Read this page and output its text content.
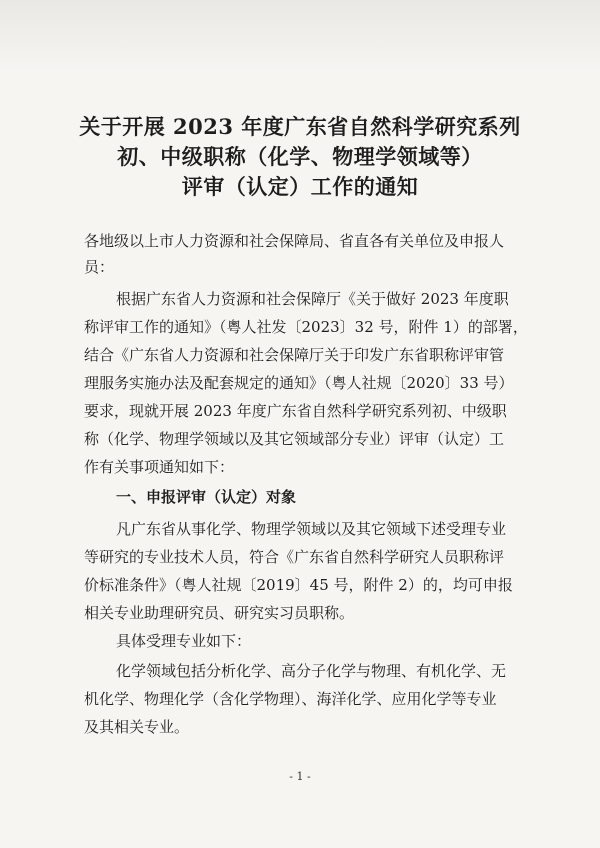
关于开展 2023 年度广东省自然科学研究系列
初、中级职称（化学、物理学领域等）
评审（认定）工作的通知
各地级以上市人力资源和社会保障局、省直各有关单位及申报人
员：
根据广东省人力资源和社会保障厅《关于做好 2023 年度职
称评审工作的通知》（粤人社发〔2023〕32 号，附件 1）的部署，
结合《广东省人力资源和社会保障厅关于印发广东省职称评审管
理服务实施办法及配套规定的通知》（粤人社规〔2020〕33 号）
要求，现就开展 2023 年度广东省自然科学研究系列初、中级职
称（化学、物理学领域以及其它领域部分专业）评审（认定）工
作有关事项通知如下：
一、申报评审（认定）对象
凡广东省从事化学、物理学领域以及其它领域下述受理专业
等研究的专业技术人员，符合《广东省自然科学研究人员职称评
价标准条件》（粤人社规〔2019〕45 号，附件 2）的，均可申报
相关专业助理研究员、研究实习员职称。
具体受理专业如下：
化学领域包括分析化学、高分子化学与物理、有机化学、无
机化学、物理化学（含化学物理）、海洋化学、应用化学等专业
及其相关专业。
- 1 -
